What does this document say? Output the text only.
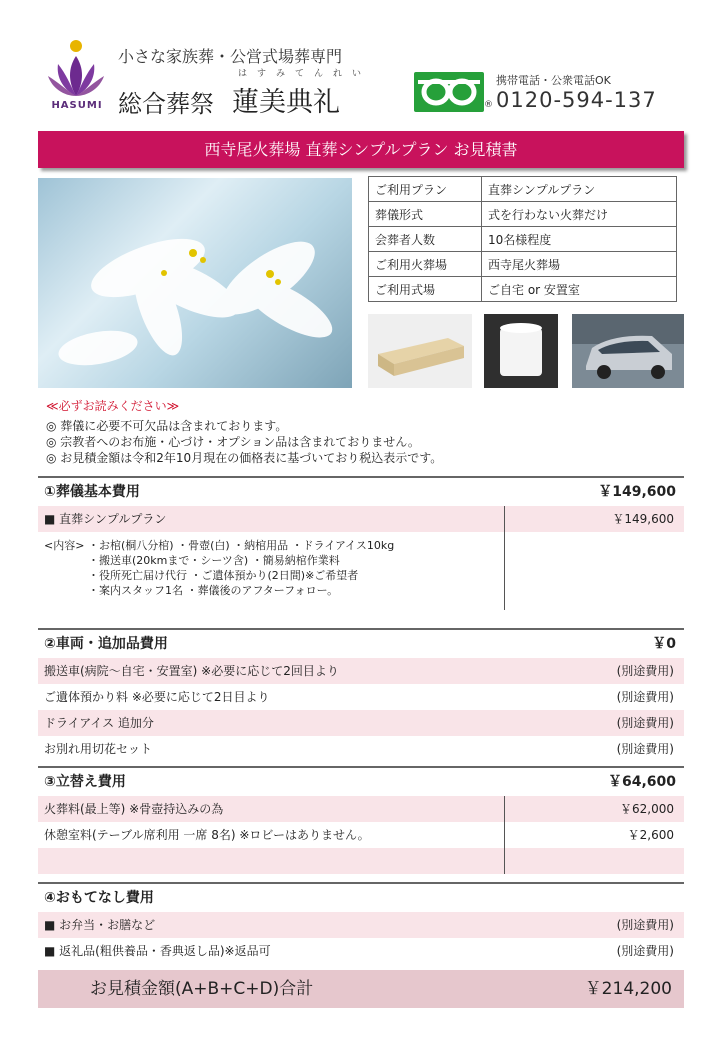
HASUMI
小さな家族葬・公営式場葬専門
はすみてんれい
総合葬祭 蓮美典礼	®
携帯電話・公衆電話OK
0120-594-137
西寺尾火葬場 直葬シンプルプラン お見積書
ご利用プラン	直葬シンプルプラン
葬儀形式	式を行わない火葬だけ
会葬者人数	10名様程度
ご利用火葬場	西寺尾火葬場
ご利用式場	ご自宅 or 安置室
≪必ずお読みください≫
◎ 葬儀に必要不可欠品は含まれております。
◎ 宗教者へのお布施・心づけ・オプション品は含まれておりません。
◎ お見積金額は令和2年10月現在の価格表に基づいており税込表示です。
①葬儀基本費用	￥149,600
■ 直葬シンプルプラン	￥149,600
<内容> ・お棺(桐八分棺) ・骨壺(白) ・納棺用品 ・ドライアイス10kg
・搬送車(20kmまで・シーツ含) ・簡易納棺作業料
・役所死亡届け代行 ・ご遺体預かり(2日間)※ご希望者
・案内スタッフ1名 ・葬儀後のアフターフォロー。
②車両・追加品費用	￥0
搬送車(病院～自宅・安置室) ※必要に応じて2回目より	(別途費用)
ご遺体預かり料 ※必要に応じて2日目より	(別途費用)
ドライアイス 追加分	(別途費用)
お別れ用切花セット	(別途費用)
③立替え費用	￥64,600
火葬料(最上等) ※骨壺持込みの為	￥62,000
休憩室料(テーブル席利用 一席 8名) ※ロビーはありません。	￥2,600
④おもてなし費用
■ お弁当・お膳など	(別途費用)
■ 返礼品(粗供養品・香典返し品)※返品可	(別途費用)
お見積金額(A+B+C+D)合計	￥214,200
